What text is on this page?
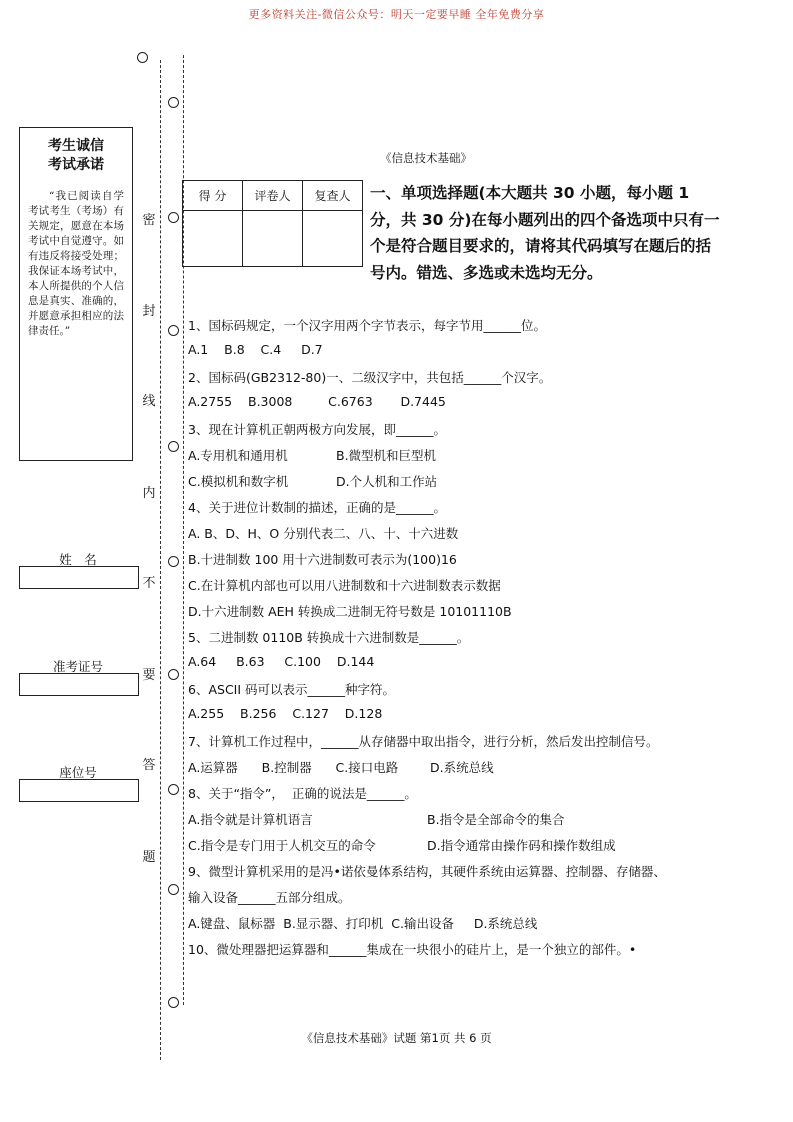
更多资料关注-微信公众号：明天一定要早睡 全年免费分享
密
封
线
内
不
要
答
题
考生诚信
考试承诺
“我已阅读自学考试考生（考场）有关规定，愿意在本场考试中自觉遵守。如有违反将接受处理；我保证本场考试中，本人所提供的个人信息是真实、准确的，并愿意承担相应的法律责任。”
姓　名
准考证号
座位号
《信息技术基础》
得 分	评卷人	复查人
		一、单项选择题(本大题共 30 小题，每小题 1 分，共 30 分)在每小题列出的四个备选项中只有一个是符合题目要求的，请将其代码填写在题后的括号内。错选、多选或未选均无分。
1、国标码规定，一个汉字用两个字节表示，每字节用______位。
A.1    B.8    C.4     D.7
2、国标码(GB2312-80)一、二级汉字中，共包括______个汉字。
A.2755    B.3008         C.6763       D.7445
3、现在计算机正朝两极方向发展，即______。
A.专用机和通用机	B.微型机和巨型机
C.模拟机和数字机	D.个人机和工作站
4、关于进位计数制的描述，正确的是______。
A. B、D、H、O 分别代表二、八、十、十六进数
B.十进制数 100 用十六进制数可表示为(100)16
C.在计算机内部也可以用八进制数和十六进制数表示数据
D.十六进制数 AEH 转换成二进制无符号数是 10101110B
5、二进制数 0110B 转换成十六进制数是______。
A.64     B.63     C.100    D.144
6、ASCII 码可以表示______种字符。
A.255    B.256    C.127    D.128
7、计算机工作过程中，______从存储器中取出指令，进行分析，然后发出控制信号。
A.运算器      B.控制器      C.接口电路        D.系统总线
8、关于“指令”，  正确的说法是______。
A.指令就是计算机语言	B.指令是全部命令的集合
C.指令是专门用于人机交互的命令	D.指令通常由操作码和操作数组成
9、微型计算机采用的是冯•诺依曼体系结构，其硬件系统由运算器、控制器、存储器、
输入设备______五部分组成。
A.键盘、鼠标器  B.显示器、打印机  C.输出设备     D.系统总线
10、微处理器把运算器和______集成在一块很小的硅片上，是一个独立的部件。•
《信息技术基础》试题 第1页 共 6 页
